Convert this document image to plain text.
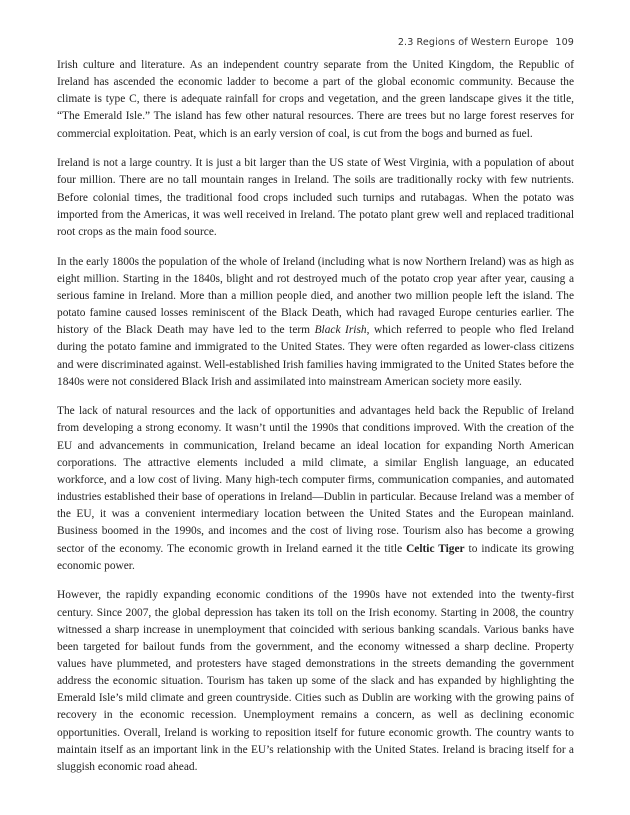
2.3 Regions of Western Europe 109

Irish culture and literature. As an independent country separate from the United Kingdom, the Republic of Ireland has ascended the economic ladder to become a part of the global economic community. Because the climate is type C, there is adequate rainfall for crops and vegetation, and the green landscape gives it the title, “The Emerald Isle.” The island has few other natural resources. There are trees but no large forest reserves for commercial exploitation. Peat, which is an early version of coal, is cut from the bogs and burned as fuel.

Ireland is not a large country. It is just a bit larger than the US state of West Virginia, with a population of about four million. There are no tall mountain ranges in Ireland. The soils are traditionally rocky with few nutrients. Before colonial times, the traditional food crops included such turnips and rutabagas. When the potato was imported from the Americas, it was well received in Ireland. The potato plant grew well and replaced traditional root crops as the main food source.

In the early 1800s the population of the whole of Ireland (including what is now Northern Ireland) was as high as eight million. Starting in the 1840s, blight and rot destroyed much of the potato crop year after year, causing a serious famine in Ireland. More than a million people died, and another two million people left the island. The potato famine caused losses reminiscent of the Black Death, which had ravaged Europe centuries earlier. The history of the Black Death may have led to the term Black Irish, which referred to people who fled Ireland during the potato famine and immigrated to the United States. They were often regarded as lower-class citizens and were discriminated against. Well-established Irish families having immigrated to the United States before the 1840s were not considered Black Irish and assimilated into mainstream American society more easily.

The lack of natural resources and the lack of opportunities and advantages held back the Republic of Ireland from developing a strong economy. It wasn’t until the 1990s that conditions improved. With the creation of the EU and advancements in communication, Ireland became an ideal location for expanding North American corporations. The attractive elements included a mild climate, a similar English language, an educated workforce, and a low cost of living. Many high-tech computer firms, communication companies, and automated industries established their base of operations in Ireland—Dublin in particular. Because Ireland was a member of the EU, it was a convenient intermediary location between the United States and the European mainland. Business boomed in the 1990s, and incomes and the cost of living rose. Tourism also has become a growing sector of the economy. The economic growth in Ireland earned it the title Celtic Tiger to indicate its growing economic power.

However, the rapidly expanding economic conditions of the 1990s have not extended into the twenty-first century. Since 2007, the global depression has taken its toll on the Irish economy. Starting in 2008, the country witnessed a sharp increase in unemployment that coincided with serious banking scandals. Various banks have been targeted for bailout funds from the government, and the economy witnessed a sharp decline. Property values have plummeted, and protesters have staged demonstrations in the streets demanding the government address the economic situation. Tourism has taken up some of the slack and has expanded by highlighting the Emerald Isle’s mild climate and green countryside. Cities such as Dublin are working with the growing pains of recovery in the economic recession. Unemployment remains a concern, as well as declining economic opportunities. Overall, Ireland is working to reposition itself for future economic growth. The country wants to maintain itself as an important link in the EU’s relationship with the United States. Ireland is bracing itself for a sluggish economic road ahead.
